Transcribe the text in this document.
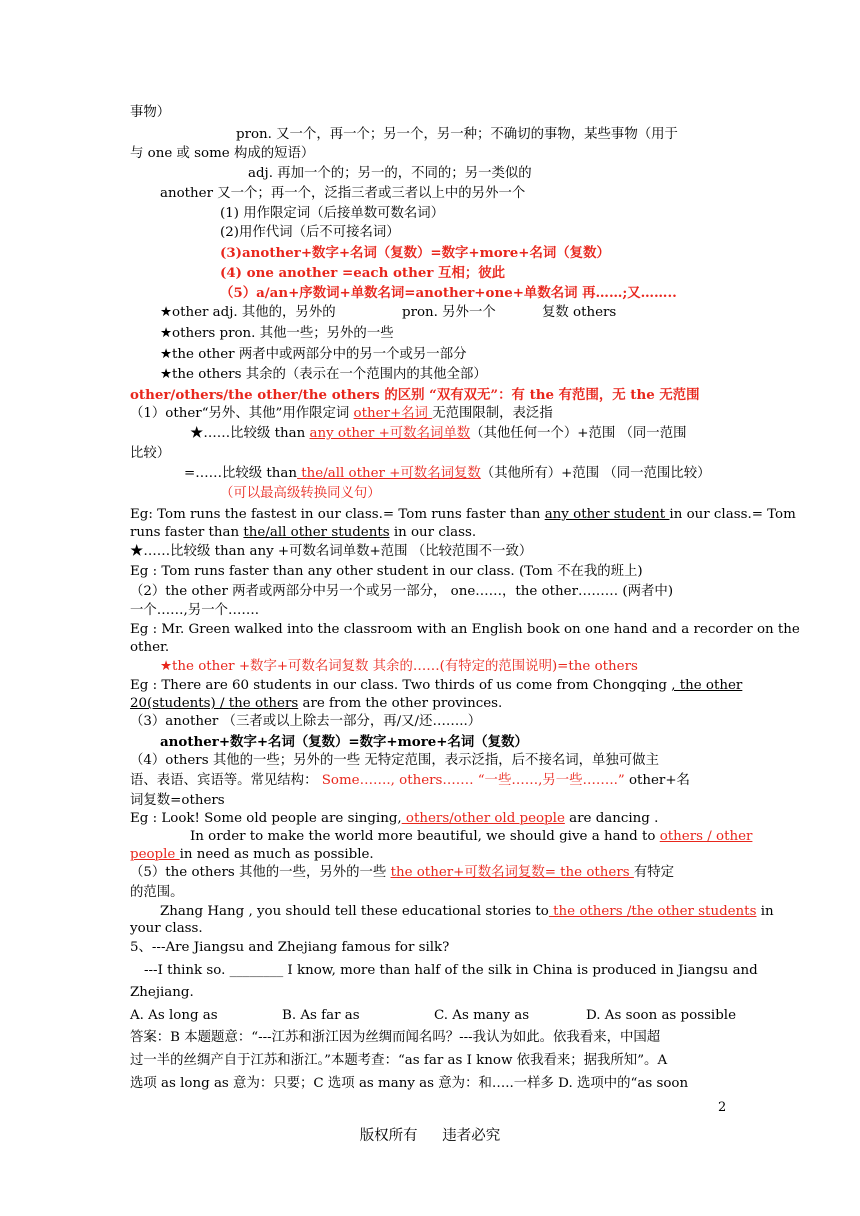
事物）
pron. 又一个，再一个；另一个，另一种；不确切的事物，某些事物（用于
与 one 或 some 构成的短语）
adj. 再加一个的；另一的，不同的；另一类似的
another 又一个；再一个，泛指三者或三者以上中的另外一个
(1) 用作限定词（后接单数可数名词）
(2)用作代词（后不可接名词）
(3)another+数字+名词（复数）=数字+more+名词（复数）
(4) one another =each other 互相；彼此
（5）a/an+序数词+单数名词=another+one+单数名词 再……;又……..
★other adj. 其他的，另外的	pron. 另外一个	复数 others
★others pron. 其他一些；另外的一些
★the other 两者中或两部分中的另一个或另一部分
★the others 其余的（表示在一个范围内的其他全部）
other/others/the other/the others 的区别 “双有双无”：有 the 有范围，无 the 无范围
（1）other“另外、其他”用作限定词 other+名词 无范围限制，表泛指
★……比较级 than any other +可数名词单数（其他任何一个）+范围 （同一范围
比较）
=……比较级 than the/all other +可数名词复数（其他所有）+范围 （同一范围比较）
（可以最高级转换同义句）
Eg: Tom runs the fastest in our class.= Tom runs faster than any other student in our class.= Tom
runs faster than the/all other students in our class.
★……比较级 than any +可数名词单数+范围 （比较范围不一致）
Eg : Tom runs faster than any other student in our class. (Tom 不在我的班上)
（2）the other 两者或两部分中另一个或另一部分， one……，the other……… (两者中)
一个……,另一个…….
Eg : Mr. Green walked into the classroom with an English book on one hand and a recorder on the
other.
★the other +数字+可数名词复数 其余的……(有特定的范围说明)=the others
Eg : There are 60 students in our class. Two thirds of us come from Chongqing , the other
20(students) / the others are from the other provinces.
（3）another （三者或以上除去一部分，再/又/还……..）
another+数字+名词（复数）=数字+more+名词（复数）
（4）others 其他的一些；另外的一些 无特定范围，表示泛指，后不接名词，单独可做主
语、表语、宾语等。常见结构： Some……., others……. “一些……,另一些……..” other+名
词复数=others
Eg : Look! Some old people are singing, others/other old people are dancing .
In order to make the world more beautiful, we should give a hand to others / other
people in need as much as possible.
（5）the others 其他的一些，另外的一些 the other+可数名词复数= the others 有特定
的范围。
Zhang Hang , you should tell these educational stories to the others /the other students in
your class.
5、---Are Jiangsu and Zhejiang famous for silk?
---I think so. ________ I know, more than half of the silk in China is produced in Jiangsu and
Zhejiang.
A. As long as	B. As far as	C. As many as	D. As soon as possible
答案：B 本题题意：“---江苏和浙江因为丝绸而闻名吗？---我认为如此。依我看来，中国超
过一半的丝绸产自于江苏和浙江。”本题考查：“as far as I know 依我看来；据我所知”。A
选项 as long as 意为：只要；C 选项 as many as 意为：和…..一样多 D. 选项中的“as soon
2
版权所有 违者必究
